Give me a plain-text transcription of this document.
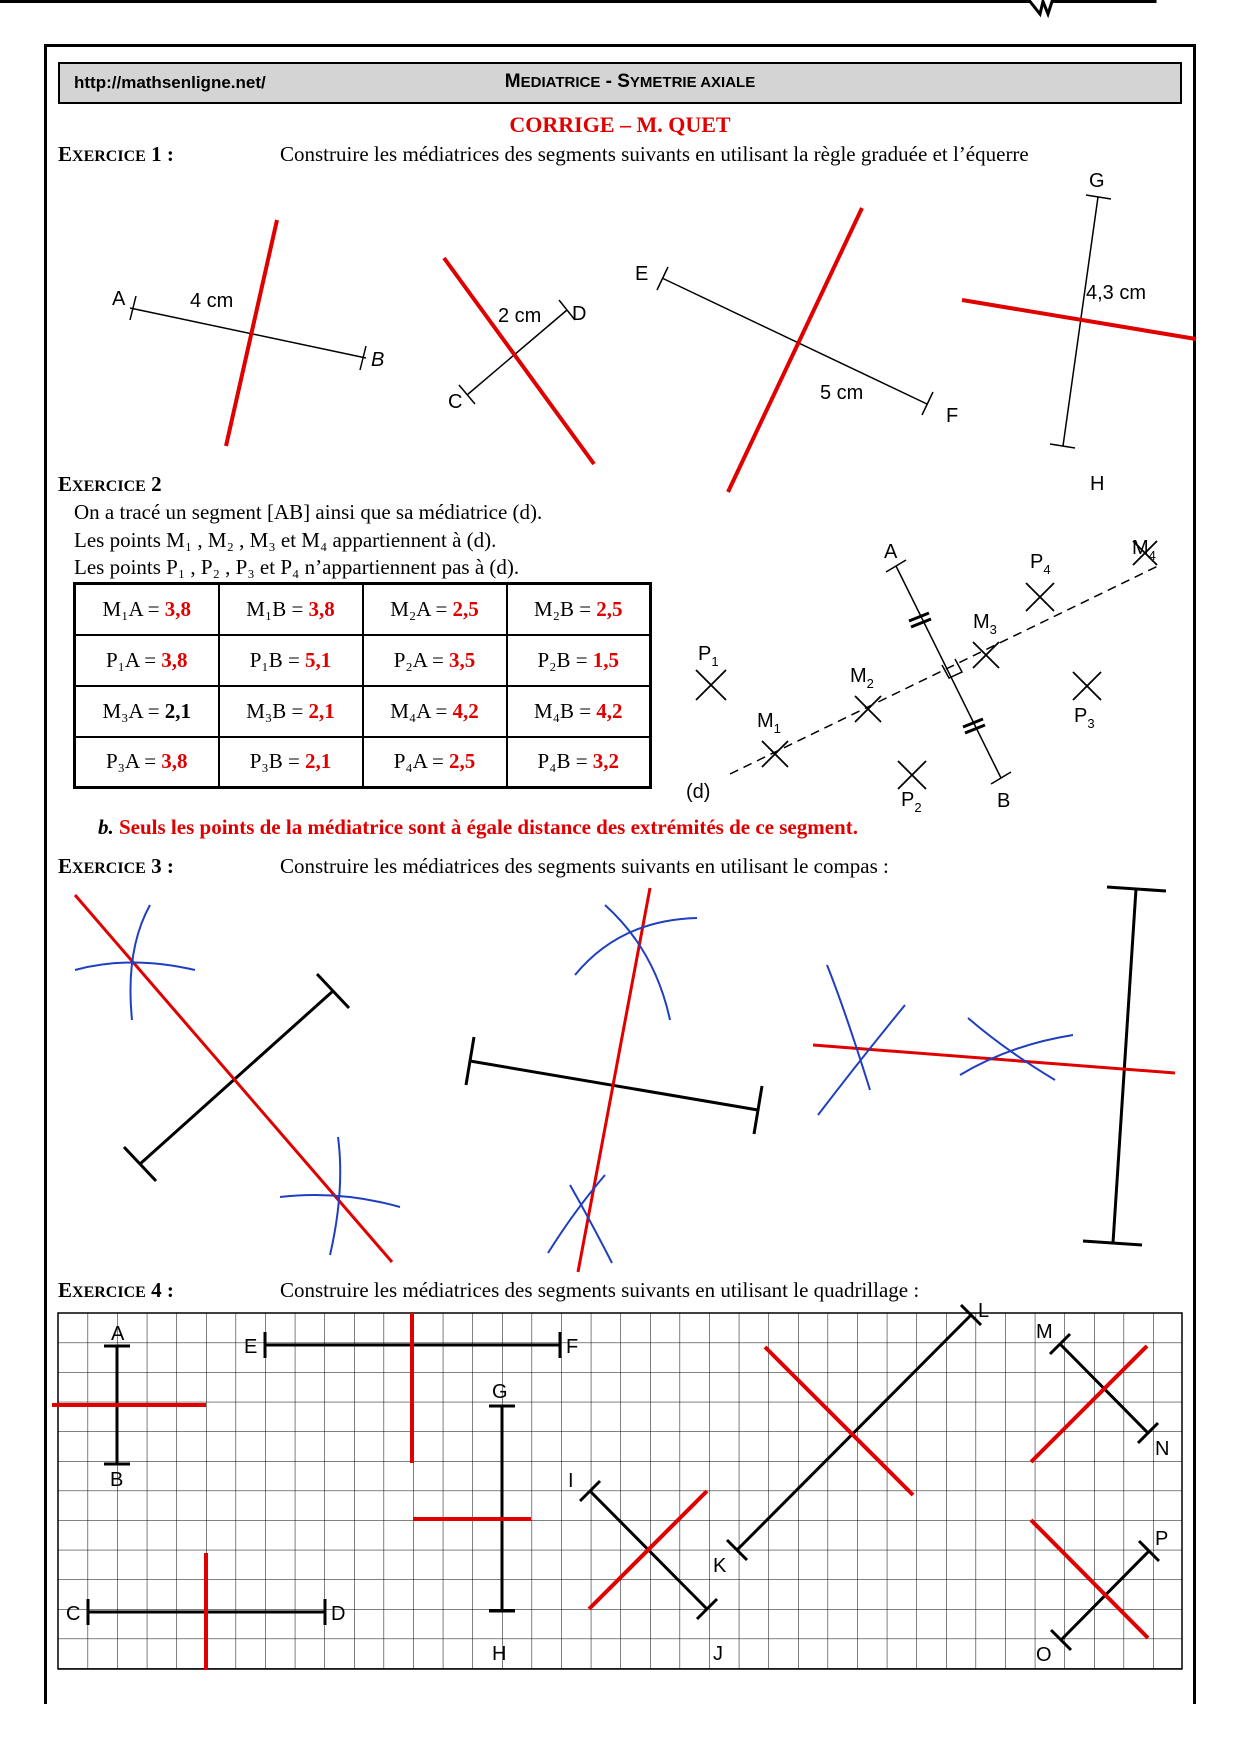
http://mathsenligne.net/	MEDIATRICE - SYMETRIE AXIALE
CORRIGE – M. QUET
EXERCICE 1 :	Construire les médiatrices des segments suivants en utilisant la règle graduée et l’équerre
A
B
4 cm
C
D
2 cm
E
F
5 cm
G
H
4,3 cm
EXERCICE 2
On a tracé un segment [AB] ainsi que sa médiatrice (d).
Les points M₁ , M₂ , M₃ et M₄ appartiennent à (d).
Les points P₁ , P₂ , P₃ et P₄ n’appartiennent pas à (d).
M₁A = 3,8	M₁B = 3,8	M₂A = 2,5	M₂B = 2,5
P₁A = 3,8	P₁B = 5,1	P₂A = 3,5	P₂B = 1,5
M₃A = 2,1	M₃B = 2,1	M₄A = 4,2	M₄B = 4,2
P₃A = 3,8	P₃B = 2,1	P₄A = 2,5	P₄B = 3,2
b. Seuls les points de la médiatrice sont à égale distance des extrémités de ce segment.
A
B
(d)
$M_1$
$M_2$
$M_3$
$M_4$
$P_1$
$P_2$
$P_3$
$P_4$
EXERCICE 3 :	Construire les médiatrices des segments suivants en utilisant le compas :
EXERCICE 4 :	Construire les médiatrices des segments suivants en utilisant le quadrillage :
A
B
C	D
E	F
G
H
I
J
K
L
M
N
O
P
